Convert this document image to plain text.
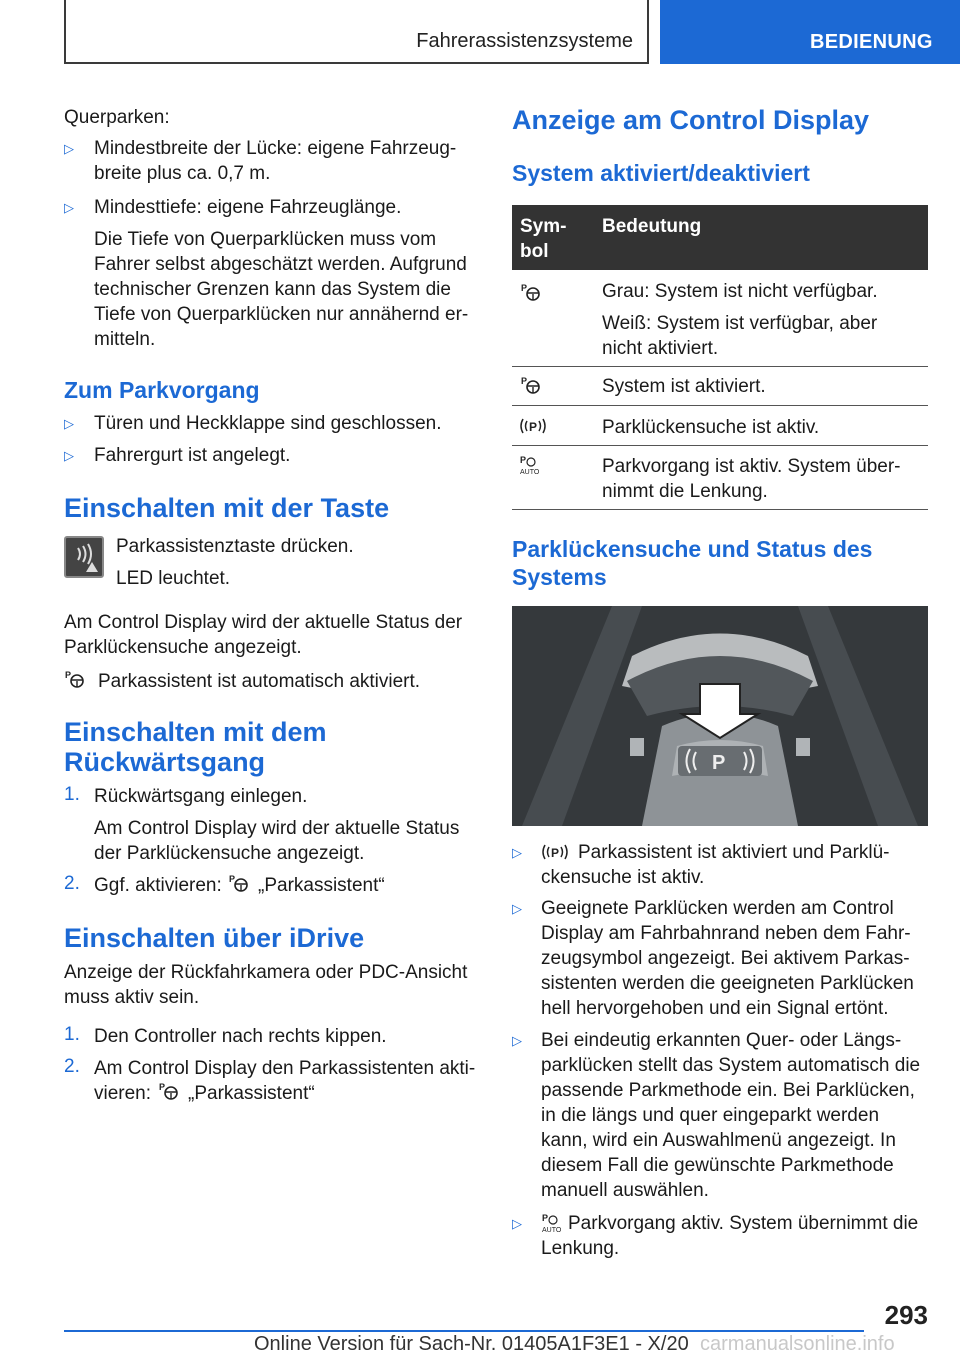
Fahrerassistenzsysteme	BEDIENUNG
Querparken:
▷ Mindestbreite der Lücke: eigene Fahrzeug‐
breite plus ca. 0,7 m.
▷ Mindesttiefe: eigene Fahrzeuglänge.
Die Tiefe von Querparklücken muss vom
Fahrer selbst abgeschätzt werden. Aufgrund
technischer Grenzen kann das System die
Tiefe von Querparklücken nur annähernd er‐
mitteln.
Zum Parkvorgang
▷ Türen und Heckklappe sind geschlossen.
▷ Fahrergurt ist angelegt.
Einschalten mit der Taste
Parkassistenztaste drücken.
LED leuchtet.
Am Control Display wird der aktuelle Status der
Parklückensuche angezeigt.
P Parkassistent ist automatisch aktiviert.
Einschalten mit dem
Rückwärtsgang
1. Rückwärtsgang einlegen.
Am Control Display wird der aktuelle Status
der Parklückensuche angezeigt.
2. Ggf. aktivieren: P „Parkassistent“
Einschalten über iDrive
Anzeige der Rückfahrkamera oder PDC-Ansicht
muss aktiv sein.
1. Den Controller nach rechts kippen.
2. Am Control Display den Parkassistenten akti‐
vieren: P „Parkassistent“
Anzeige am Control Display
System aktiviert/deaktiviert
Sym‐
bol
Bedeutung
P
P
P
P
AUTO
Grau: System ist nicht verfügbar.
Weiß: System ist verfügbar, aber
nicht aktiviert.
System ist aktiviert.
Parklückensuche ist aktiv.
Parkvorgang ist aktiv. System über‐
nimmt die Lenkung.
Parklückensuche und Status des
Systems
P
▷ P Parkassistent ist aktiviert und Parklü‐
ckensuche ist aktiv.
▷ Geeignete Parklücken werden am Control
Display am Fahrbahnrand neben dem Fahr‐
zeugsymbol angezeigt. Bei aktivem Parkas‐
sistenten werden die geeigneten Parklücken
hell hervorgehoben und ein Signal ertönt.
▷ Bei eindeutig erkannten Quer- oder Längs‐
parklücken stellt das System automatisch die
passende Parkmethode ein. Bei Parklücken,
in die längs und quer eingeparkt werden
kann, wird ein Auswahlmenü angezeigt. In
diesem Fall die gewünschte Parkmethode
manuell auswählen.
▷ P
AUTO Parkvorgang aktiv. System übernimmt die
Lenkung.
293
Online Version für Sach-Nr. 01405A1F3E1 - X/20 carmanualsonline.info
